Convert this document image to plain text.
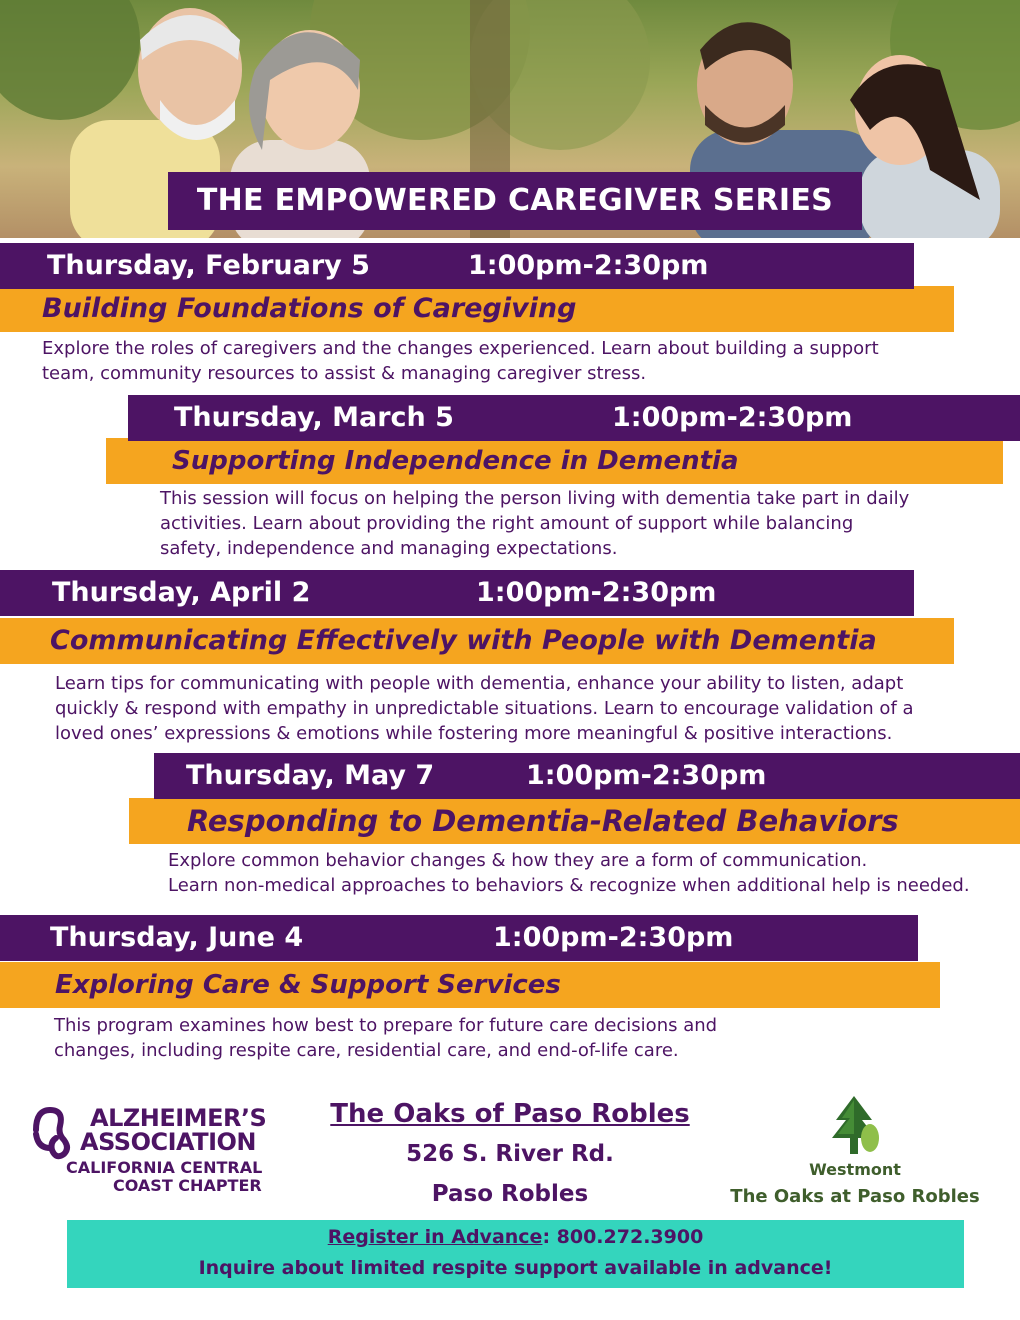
THE EMPOWERED CAREGIVER SERIES
Building Foundations of Caregiving
Thursday, February 5	1:00pm-2:30pm

Explore the roles of caregivers and the changes experienced. Learn about building a support

team, community resources to assist & managing caregiver stress.

Supporting Independence in Dementia
Thursday, March 5	1:00pm-2:30pm

This session will focus on helping the person living with dementia take part in daily

activities. Learn about providing the right amount of support while balancing

safety, independence and managing expectations.

Communicating Effectively with People with Dementia
Thursday, April 2	1:00pm-2:30pm

Learn tips for communicating with people with dementia, enhance your ability to listen, adapt

quickly & respond with empathy in unpredictable situations. Learn to encourage validation of a

loved ones’ expressions & emotions while fostering more meaningful & positive interactions.

Responding to Dementia-Related Behaviors
Thursday, May 7	1:00pm-2:30pm

Explore common behavior changes & how they are a form of communication.

Learn non-medical approaches to behaviors & recognize when additional help is needed.

Exploring Care & Support Services
Thursday, June 4	1:00pm-2:30pm

This program examines how best to prepare for future care decisions and

changes, including respite care, residential care, and end-of-life care.

ALZHEIMER’S
ASSOCIATION
CALIFORNIA CENTRAL
COAST CHAPTER
The Oaks of Paso Robles
526 S. River Rd.
Paso Robles
Westmont
The Oaks at Paso Robles
Register in Advance: 800.272.3900
Inquire about limited respite support available in advance!
